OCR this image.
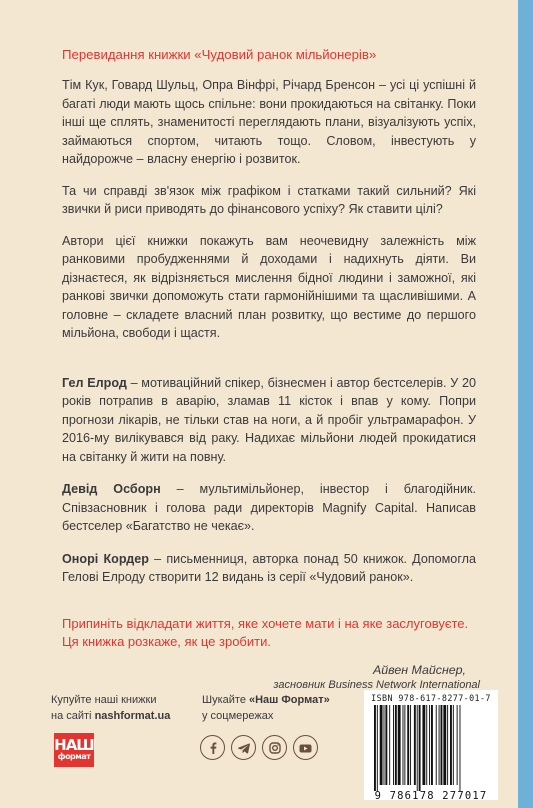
Перевидання книжки «Чудовий ранок мільйонерів»

Тім Кук, Говард Шульц, Опра Вінфрі, Річард Бренсон – усі ці успішні й багаті люди мають щось спільне: вони прокидаються на світанку. Поки інші ще сплять, знаменитості переглядають плани, візуалізують успіх, займаються спортом, читають тощо. Словом, інвестують у найдорожче – власну енергію і розвиток.

Та чи справді зв'язок між графіком і статками такий сильний? Які звички й риси приводять до фінансового успіху? Як ставити цілі?

Автори цієї книжки покажуть вам неочевидну залежність між ранковими пробудженнями й доходами і надихнуть діяти. Ви дізнаєтеся, як відрізняється мислення бідної людини і заможної, які ранкові звички допоможуть стати гармонійнішими та щасливішими. А головне – складете власний план розвитку, що вестиме до першого мільйона, свободи і щастя.

Гел Елрод – мотиваційний спікер, бізнесмен і автор бестселерів. У 20 років потрапив в аварію, зламав 11 кісток і впав у кому. Попри прогнози лікарів, не тільки став на ноги, а й пробіг ультрамарафон. У 2016-му вилікувався від раку. Надихає мільйони людей прокидатися на світанку й жити на повну.

Девід Осборн – мультимільйонер, інвестор і благодійник. Співзасновник і голова ради директорів Magnify Capital. Написав бестселер «Багатство не чекає».

Онорі Кордер – письменниця, авторка понад 50 книжок. Допомогла Гелові Елроду створити 12 видань із серії «Чудовий ранок».

Припиніть відкладати життя, яке хочете мати і на яке заслуговуєте.
Ця книжка розкаже, як це зробити.
Айвен Майснер,
засновник Business Network International
Купуйте наші книжки
на сайті nashformat.ua
НАШ
формат
Шукайте «Наш Формат»
у соцмережах
ISBN 978-617-8277-01-7
9 786178 277017
